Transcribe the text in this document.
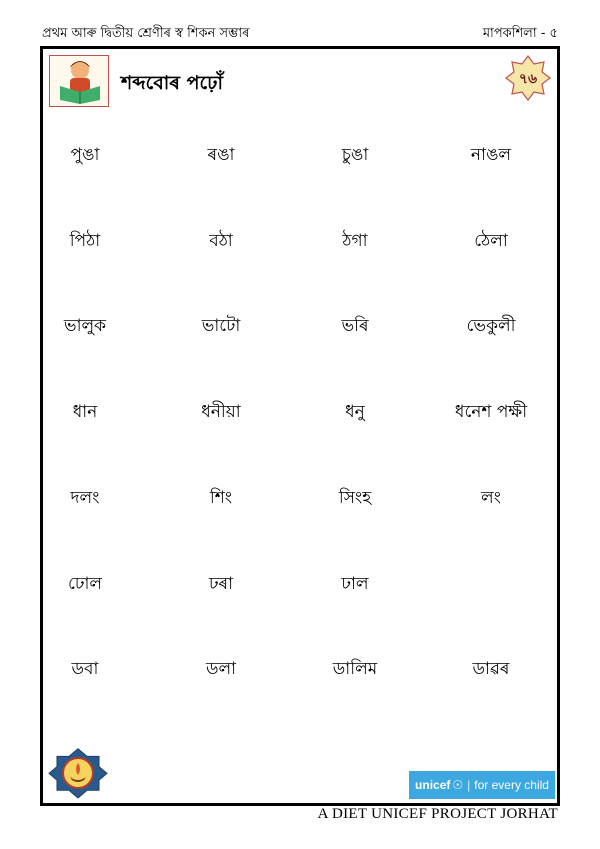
প্ৰথম আৰু দ্বিতীয় শ্ৰেণীৰ স্ব শিকন সম্ভাৰ	মাপকশিলা - ৫
শব্দবোৰ পঢ়োঁ	৭৬
পুঙা	ৰঙা	চুঙা	নাঙল
পিঠা	বঠা	ঠগা	ঠেলা
ভালুক	ভাটো	ভৰি	ভেকুলী
ধান	ধনীয়া	ধনু	ধনেশ পক্ষী
দলং	শিং	সিংহ	লং
ঢোল	ঢৰা	ঢাল
ডবা	ডলা	ডালিম	ডাৱৰ
unicef ☉ | for every child
A DIET UNICEF PROJECT JORHAT
